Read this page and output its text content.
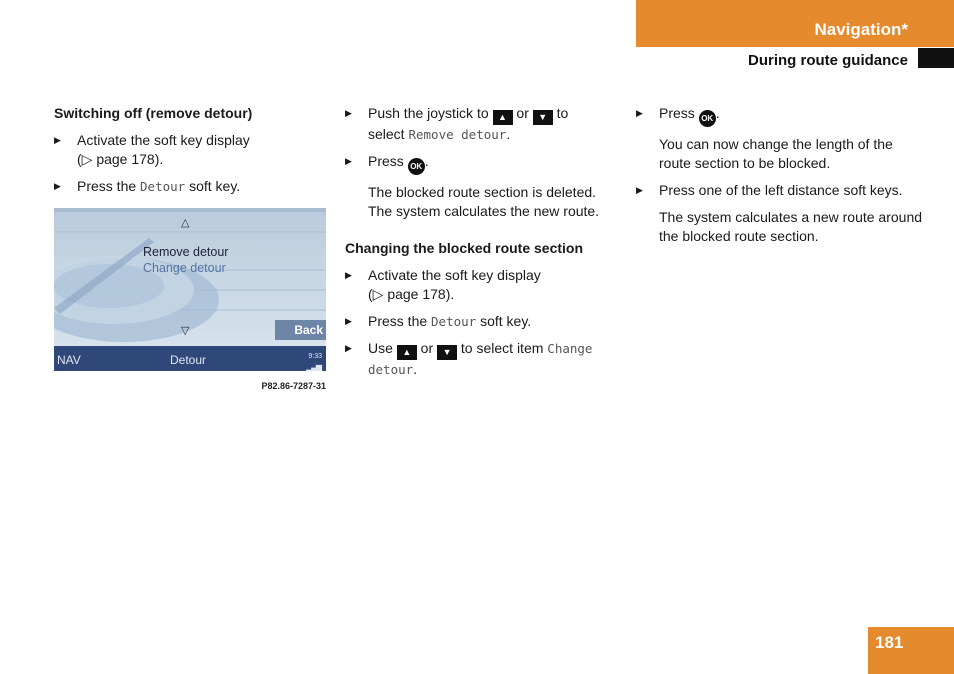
Navigation*
During route guidance
Switching off (remove detour)
▶ Activate the soft key display
(▷ page 178).
▶ Press the Detour soft key.
△
Remove detour
Change detour
▽	Back
NAV	Detour	9:33
▂▄▆
P82.86-7287-31
▶ Push the joystick to ▲ or ▼ to
select Remove detour.
▶ Press OK .
The blocked route section is deleted. The system calculates the new route.
Changing the blocked route section
▶ Activate the soft key display
(▷ page 178).
▶ Press the Detour soft key.
▶ Use ▲ or ▼ to select item Change
detour.
▶ Press OK .
You can now change the length of the route section to be blocked.
▶ Press one of the left distance soft keys.
The system calculates a new route around the blocked route section.
181
